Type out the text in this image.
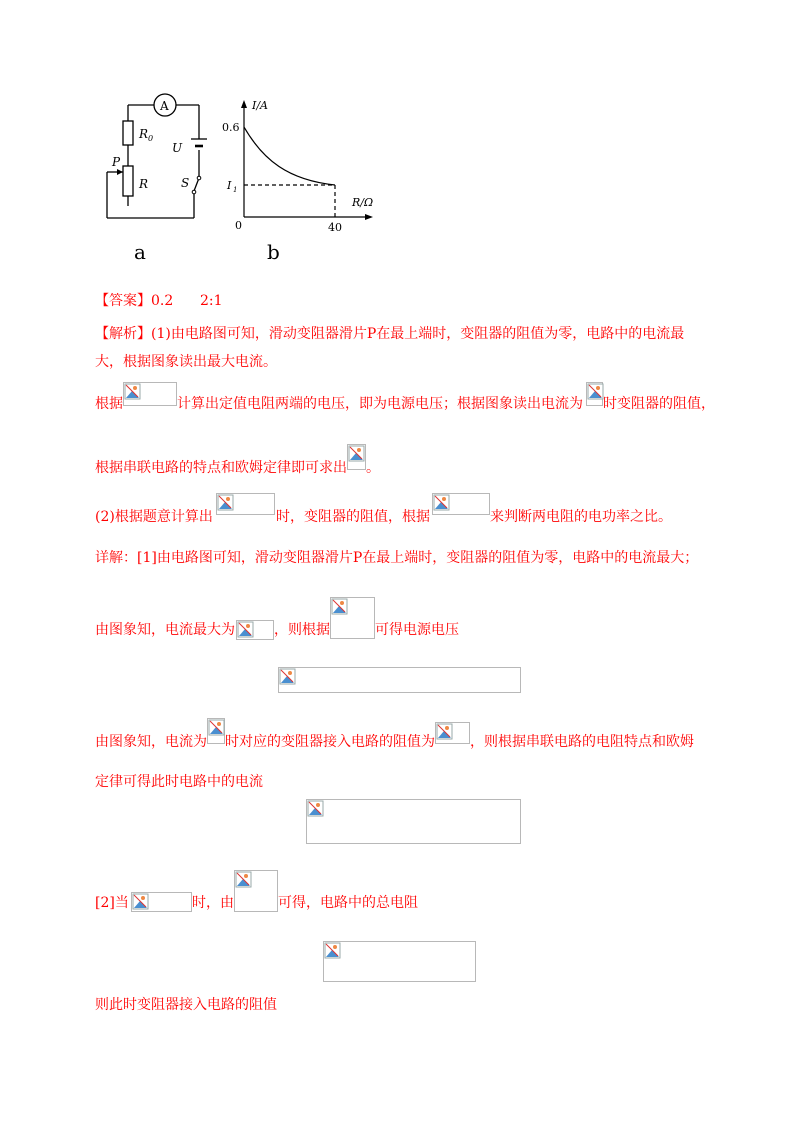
A
R 0
U
P
R	S
a
I/A
0.6
I 1
R/Ω
0	40
b
【答案】0.2      2:1
【解析】(1)由电路图可知，滑动变阻器滑片P在最上端时，变阻器的阻值为零，电路中的电流最
大，根据图象读出最大电流。
根据	计算出定值电阻两端的电压，即为电源电压；根据图象读出电流为 时变阻器的阻值，
根据串联电路的特点和欧姆定律即可求出 。
(2)根据题意计算出	时，变阻器的阻值，根据	来判断两电阻的电功率之比。
详解：[1]由电路图可知，滑动变阻器滑片P在最上端时，变阻器的阻值为零，电路中的电流最大；
由图象知，电流最大为	，则根据	可得电源电压
由图象知，电流为 时对应的变阻器接入电路的阻值为	，则根据串联电路的电阻特点和欧姆
定律可得此时电路中的电流
[2]当	时，由	可得，电路中的总电阻
则此时变阻器接入电路的阻值
